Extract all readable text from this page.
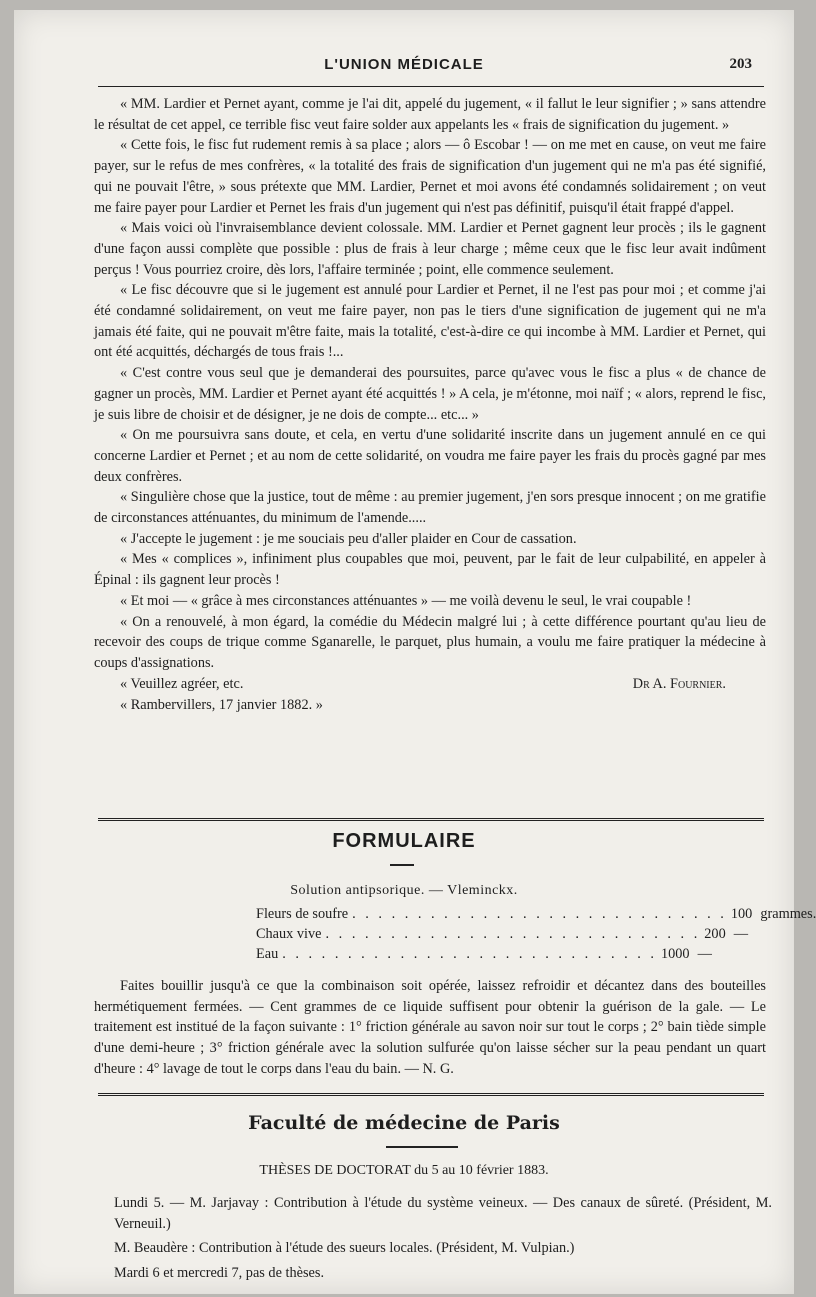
L'UNION MÉDICALE	203

« MM. Lardier et Pernet ayant, comme je l'ai dit, appelé du jugement, « il fallut le leur signifier ; » sans attendre le résultat de cet appel, ce terrible fisc veut faire solder aux appelants les « frais de signification du jugement. »

« Cette fois, le fisc fut rudement remis à sa place ; alors — ô Escobar ! — on me met en cause, on veut me faire payer, sur le refus de mes confrères, « la totalité des frais de signification d'un jugement qui ne m'a pas été signifié, qui ne pouvait l'être, » sous prétexte que MM. Lardier, Pernet et moi avons été condamnés solidairement ; on veut me faire payer pour Lardier et Pernet les frais d'un jugement qui n'est pas définitif, puisqu'il était frappé d'appel.

« Mais voici où l'invraisemblance devient colossale. MM. Lardier et Pernet gagnent leur procès ; ils le gagnent d'une façon aussi complète que possible : plus de frais à leur charge ; même ceux que le fisc leur avait indûment perçus ! Vous pourriez croire, dès lors, l'affaire terminée ; point, elle commence seulement.

« Le fisc découvre que si le jugement est annulé pour Lardier et Pernet, il ne l'est pas pour moi ; et comme j'ai été condamné solidairement, on veut me faire payer, non pas le tiers d'une signification de jugement qui ne m'a jamais été faite, qui ne pouvait m'être faite, mais la totalité, c'est-à-dire ce qui incombe à MM. Lardier et Pernet, qui ont été acquittés, déchargés de tous frais !...

« C'est contre vous seul que je demanderai des poursuites, parce qu'avec vous le fisc a plus « de chance de gagner un procès, MM. Lardier et Pernet ayant été acquittés ! » A cela, je m'étonne, moi naïf ; « alors, reprend le fisc, je suis libre de choisir et de désigner, je ne dois de compte... etc... »

« On me poursuivra sans doute, et cela, en vertu d'une solidarité inscrite dans un jugement annulé en ce qui concerne Lardier et Pernet ; et au nom de cette solidarité, on voudra me faire payer les frais du procès gagné par mes deux confrères.

« Singulière chose que la justice, tout de même : au premier jugement, j'en sors presque innocent ; on me gratifie de circonstances atténuantes, du minimum de l'amende.....

« J'accepte le jugement : je me souciais peu d'aller plaider en Cour de cassation.

« Mes « complices », infiniment plus coupables que moi, peuvent, par le fait de leur culpabilité, en appeler à Épinal : ils gagnent leur procès !

« Et moi — « grâce à mes circonstances atténuantes » — me voilà devenu le seul, le vrai coupable !

« On a renouvelé, à mon égard, la comédie du Médecin malgré lui ; à cette différence pourtant qu'au lieu de recevoir des coups de trique comme Sganarelle, le parquet, plus humain, a voulu me faire pratiquer la médecine à coups d'assignations.

« Veuillez agréer, etc.	Dr A. Fournier.

« Rambervillers, 17 janvier 1882. »

FORMULAIRE
Solution antipsorique. — Vleminckx.
Fleurs de soufre . . . . . . . . . . . . . . . . . . . . . . . . . . . . . 100 grammes.
Chaux vive . . . . . . . . . . . . . . . . . . . . . . . . . . . . . 200 —
Eau . . . . . . . . . . . . . . . . . . . . . . . . . . . . . 1000 —

Faites bouillir jusqu'à ce que la combinaison soit opérée, laissez refroidir et décantez dans des bouteilles hermétiquement fermées. — Cent grammes de ce liquide suffisent pour obtenir la guérison de la gale. — Le traitement est institué de la façon suivante : 1° friction générale au savon noir sur tout le corps ; 2° bain tiède simple d'une demi-heure ; 3° friction générale avec la solution sulfurée qu'on laisse sécher sur la peau pendant un quart d'heure : 4° lavage de tout le corps dans l'eau du bain. — N. G.

Faculté de médecine de Paris
THÈSES DE DOCTORAT du 5 au 10 février 1883.

Lundi 5. — M. Jarjavay : Contribution à l'étude du système veineux. — Des canaux de sûreté. (Président, M. Verneuil.)

M. Beaudère : Contribution à l'étude des sueurs locales. (Président, M. Vulpian.)

Mardi 6 et mercredi 7, pas de thèses.
